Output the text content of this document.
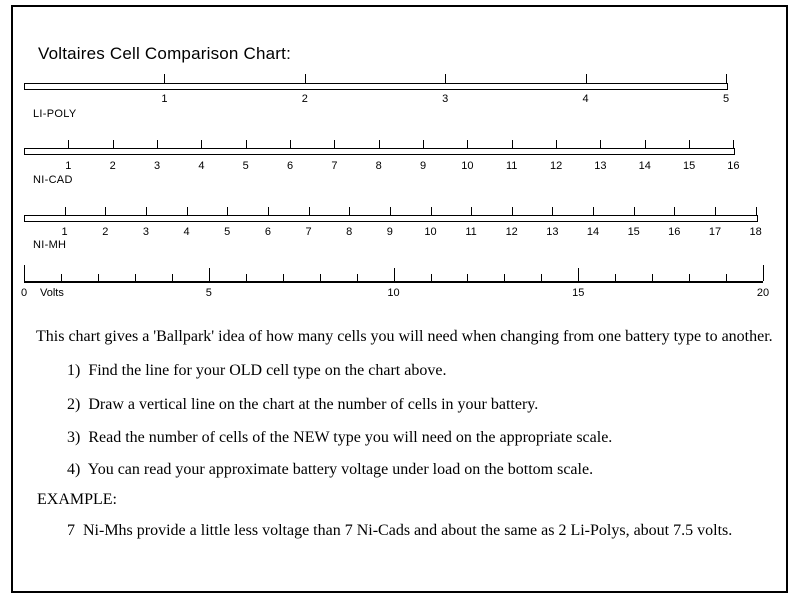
Voltaires Cell Comparison Chart:
1	2	3	4	5
LI-POLY
1	2	3	4	5	6	7	8	9	10	11	12	13	14	15	16
NI-CAD
1	2	3	4	5	6	7	8	9	10	11	12	13	14	15	16	17	18
NI-MH
0	5	10	15	20
Volts
This chart gives a 'Ballpark' idea of how many cells you will need when changing from one battery type to another.
1)  Find the line for your OLD cell type on the chart above.
2)  Draw a vertical line on the chart at the number of cells in your battery.
3)  Read the number of cells of the NEW type you will need on the appropriate scale.
4)  You can read your approximate battery voltage under load on the bottom scale.
EXAMPLE:
7  Ni-Mhs provide a little less voltage than 7 Ni-Cads and about the same as 2 Li-Polys, about 7.5 volts.
